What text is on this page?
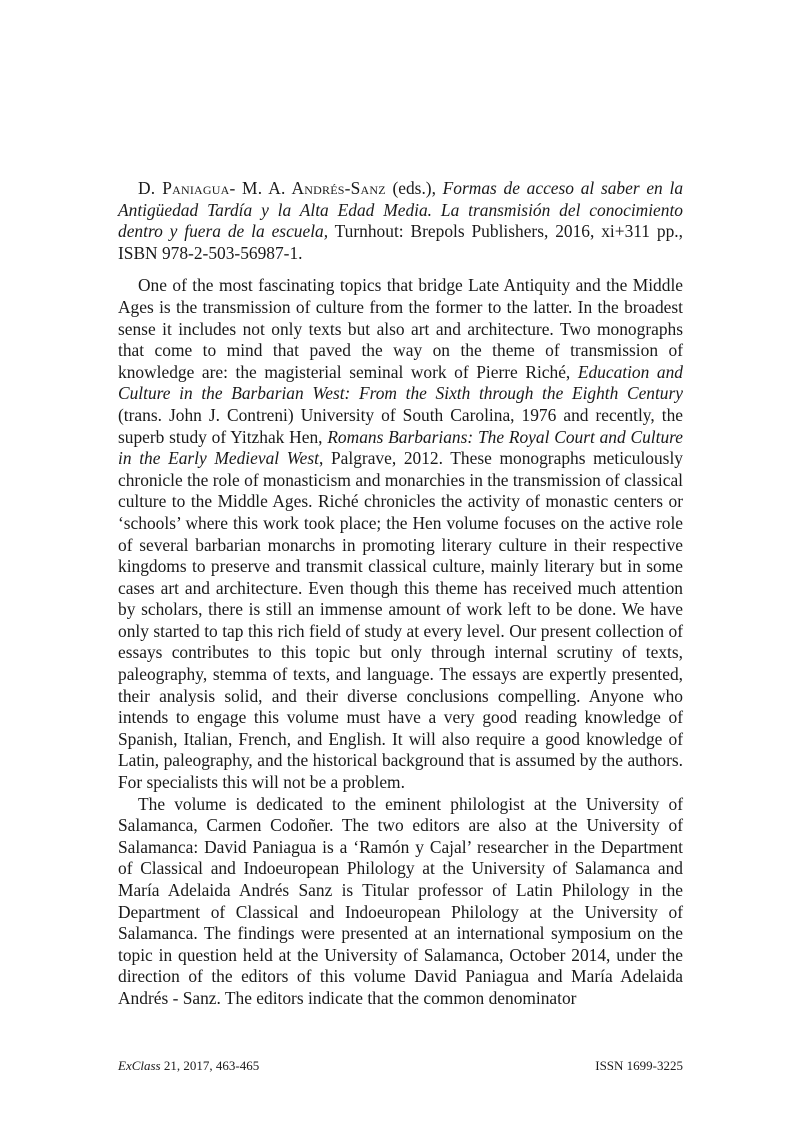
D. Paniagua- M. A. Andrés-Sanz (eds.), Formas de acceso al saber en la Antigüedad Tardía y la Alta Edad Media. La transmisión del conocimiento dentro y fuera de la escuela, Turnhout: Brepols Publishers, 2016, xi+311 pp., ISBN 978-2-503-56987-1.

One of the most fascinating topics that bridge Late Antiquity and the Middle Ages is the transmission of culture from the former to the latter. In the broadest sense it includes not only texts but also art and architecture. Two monographs that come to mind that paved the way on the theme of transmission of knowledge are: the magisterial seminal work of Pierre Riché, Education and Culture in the Barbarian West: From the Sixth through the Eighth Century (trans. John J. Contreni) University of South Carolina, 1976 and recently, the superb study of Yitzhak Hen, Romans Barbarians: The Royal Court and Culture in the Early Medieval West, Palgrave, 2012. These monographs meticulously chronicle the role of monasticism and monarchies in the transmission of classical culture to the Middle Ages. Riché chronicles the activity of monastic centers or ‘schools’ where this work took place; the Hen volume focuses on the active role of several barbarian monarchs in promoting literary culture in their respective kingdoms to preserve and transmit classical culture, mainly literary but in some cases art and architecture. Even though this theme has received much attention by scholars, there is still an immense amount of work left to be done. We have only started to tap this rich field of study at every level. Our present collection of essays contributes to this topic but only through internal scrutiny of texts, paleography, stemma of texts, and language. The essays are expertly presented, their analysis solid, and their diverse conclusions compelling. Anyone who intends to engage this volume must have a very good reading knowledge of Spanish, Italian, French, and English. It will also require a good knowledge of Latin, paleography, and the historical background that is assumed by the authors. For specialists this will not be a problem.

The volume is dedicated to the eminent philologist at the University of Salamanca, Carmen Codoñer. The two editors are also at the University of Salamanca: David Paniagua is a ‘Ramón y Cajal’ researcher in the Department of Classical and Indoeuropean Philology at the University of Salamanca and María Adelaida Andrés Sanz is Titular professor of Latin Philology in the Department of Classical and Indoeuropean Philology at the University of Salamanca. The findings were presented at an international symposium on the topic in question held at the University of Salamanca, October 2014, under the direction of the editors of this volume David Paniagua and María Adelaida Andrés - Sanz. The editors indicate that the common denominator

ExClass 21, 2017, 463-465	ISSN 1699-3225
